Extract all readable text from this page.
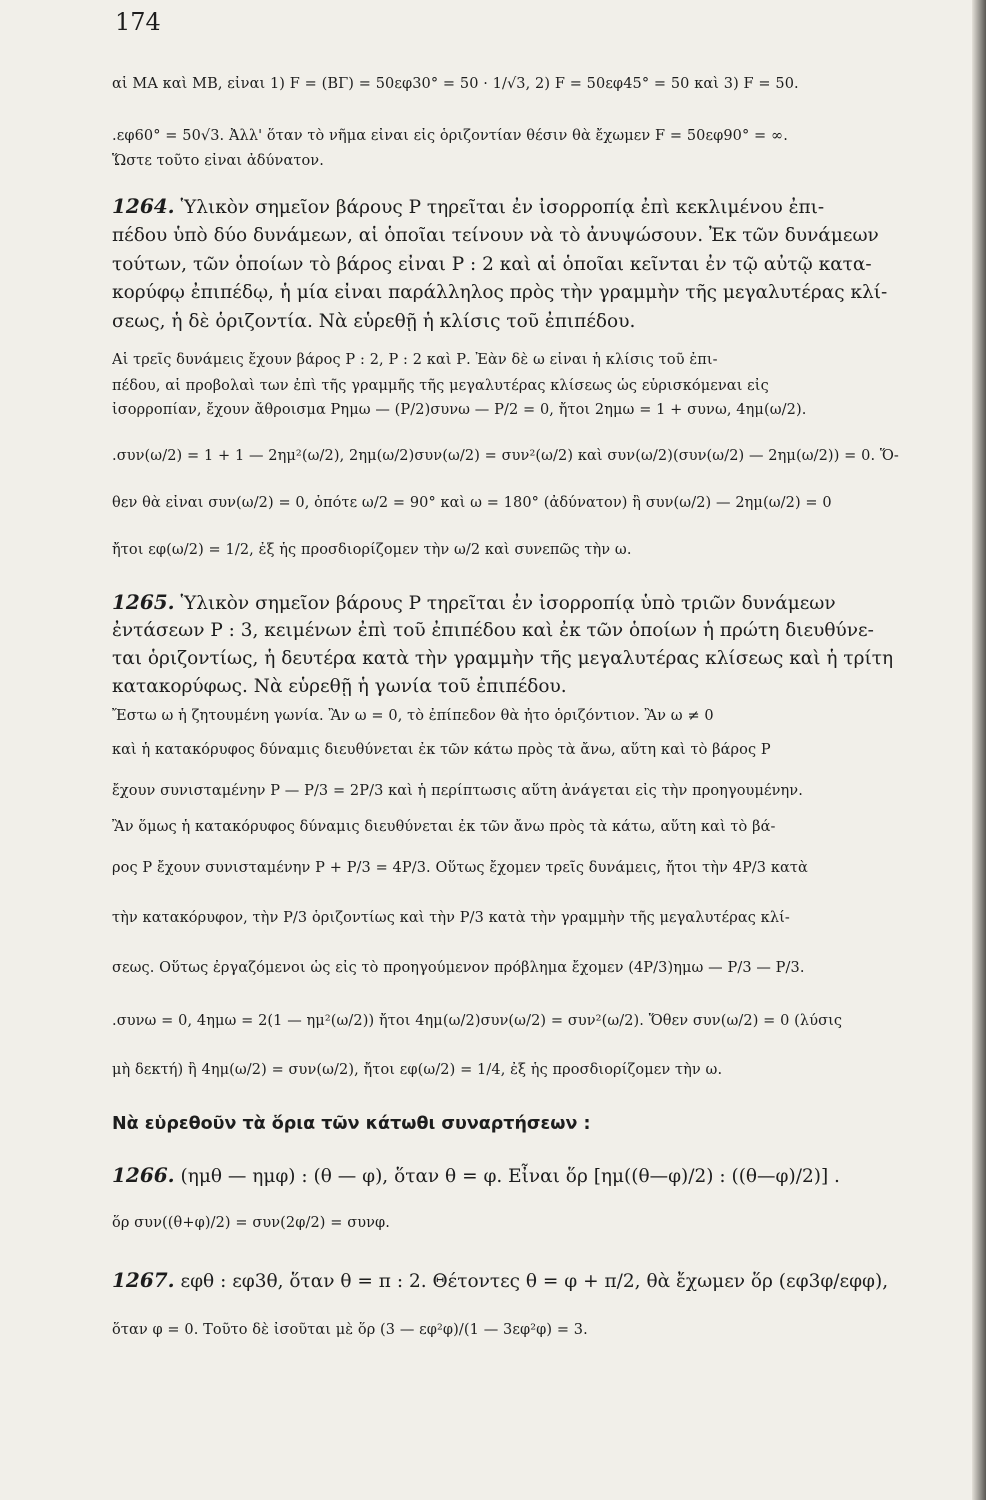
174
αἱ ΜΑ καὶ ΜΒ, εἶναι 1) F = (ΒΓ) = 50εφ30° = 50 · 1/√3, 2) F = 50εφ45° = 50 καὶ 3) F = 50.
.εφ60° = 50√3. Ἀλλ' ὅταν τὸ νῆμα εἶναι εἰς ὁριζοντίαν θέσιν θὰ ἔχωμεν F = 50εφ90° = ∞.
Ὥστε τοῦτο εἶναι ἀδύνατον.
1264. Ὑλικὸν σημεῖον βάρους Ρ τηρεῖται ἐν ἰσορροπίᾳ ἐπὶ κεκλιμένου ἐπι-
πέδου ὑπὸ δύο δυνάμεων, αἱ ὁποῖαι τείνουν νὰ τὸ ἀνυψώσουν. Ἐκ τῶν δυνάμεων
τούτων, τῶν ὁποίων τὸ βάρος εἶναι Ρ : 2 καὶ αἱ ὁποῖαι κεῖνται ἐν τῷ αὐτῷ κατα-
κορύφῳ ἐπιπέδῳ, ἡ μία εἶναι παράλληλος πρὸς τὴν γραμμὴν τῆς μεγαλυτέρας κλί-
σεως, ἡ δὲ ὁριζοντία. Νὰ εὑρεθῇ ἡ κλίσις τοῦ ἐπιπέδου.
Αἱ τρεῖς δυνάμεις ἔχουν βάρος Ρ : 2, Ρ : 2 καὶ Ρ. Ἐὰν δὲ ω εἶναι ἡ κλίσις τοῦ ἐπι-
πέδου, αἱ προβολαὶ των ἐπὶ τῆς γραμμῆς τῆς μεγαλυτέρας κλίσεως ὡς εὑρισκόμεναι εἰς
ἰσορροπίαν, ἔχουν ἄθροισμα Ρημω — (Ρ/2)συνω — Ρ/2 = 0, ἤτοι 2ημω = 1 + συνω, 4ημ(ω/2).
.συν(ω/2) = 1 + 1 — 2ημ²(ω/2), 2ημ(ω/2)συν(ω/2) = συν²(ω/2) καὶ συν(ω/2)(συν(ω/2) — 2ημ(ω/2)) = 0. Ὅ-
θεν θὰ εἶναι συν(ω/2) = 0, ὁπότε ω/2 = 90° καὶ ω = 180° (ἀδύνατον) ἢ συν(ω/2) — 2ημ(ω/2) = 0
ἤτοι εφ(ω/2) = 1/2, ἐξ ἧς προσδιορίζομεν τὴν ω/2 καὶ συνεπῶς τὴν ω.
1265. Ὑλικὸν σημεῖον βάρους Ρ τηρεῖται ἐν ἰσορροπίᾳ ὑπὸ τριῶν δυνάμεων
ἐντάσεων Ρ : 3, κειμένων ἐπὶ τοῦ ἐπιπέδου καὶ ἐκ τῶν ὁποίων ἡ πρώτη διευθύνε-
ται ὁριζοντίως, ἡ δευτέρα κατὰ τὴν γραμμὴν τῆς μεγαλυτέρας κλίσεως καὶ ἡ τρίτη
κατακορύφως. Νὰ εὑρεθῇ ἡ γωνία τοῦ ἐπιπέδου.
Ἔστω ω ἡ ζητουμένη γωνία. Ἂν ω = 0, τὸ ἐπίπεδον θὰ ἦτο ὁριζόντιον. Ἂν ω ≠ 0
καὶ ἡ κατακόρυφος δύναμις διευθύνεται ἐκ τῶν κάτω πρὸς τὰ ἄνω, αὕτη καὶ τὸ βάρος Ρ
ἔχουν συνισταμένην Ρ — Ρ/3 = 2Ρ/3 καὶ ἡ περίπτωσις αὕτη ἀνάγεται εἰς τὴν προηγουμένην.
Ἂν ὅμως ἡ κατακόρυφος δύναμις διευθύνεται ἐκ τῶν ἄνω πρὸς τὰ κάτω, αὕτη καὶ τὸ βά-
ρος Ρ ἔχουν συνισταμένην Ρ + Ρ/3 = 4Ρ/3. Οὕτως ἔχομεν τρεῖς δυνάμεις, ἤτοι τὴν 4Ρ/3 κατὰ
τὴν κατακόρυφον, τὴν Ρ/3 ὁριζοντίως καὶ τὴν Ρ/3 κατὰ τὴν γραμμὴν τῆς μεγαλυτέρας κλί-
σεως. Οὕτως ἐργαζόμενοι ὡς εἰς τὸ προηγούμενον πρόβλημα ἔχομεν (4Ρ/3)ημω — Ρ/3 — Ρ/3.
.συνω = 0, 4ημω = 2(1 — ημ²(ω/2)) ἤτοι 4ημ(ω/2)συν(ω/2) = συν²(ω/2). Ὅθεν συν(ω/2) = 0 (λύσις
μὴ δεκτή) ἢ 4ημ(ω/2) = συν(ω/2), ἤτοι εφ(ω/2) = 1/4, ἐξ ἧς προσδιορίζομεν τὴν ω.
Νὰ εὑρεθοῦν τὰ ὅρια τῶν κάτωθι συναρτήσεων :
1266. (ημθ — ημφ) : (θ — φ), ὅταν θ = φ. Εἶναι ὅρ [ημ((θ—φ)/2) : ((θ—φ)/2)] .
ὅρ συν((θ+φ)/2) = συν(2φ/2) = συνφ.
1267. εφθ : εφ3θ, ὅταν θ = π : 2. Θέτοντες θ = φ + π/2, θὰ ἔχωμεν ὅρ (εφ3φ/εφφ),
ὅταν φ = 0. Τοῦτο δὲ ἰσοῦται μὲ ὅρ (3 — εφ²φ)/(1 — 3εφ²φ) = 3.
